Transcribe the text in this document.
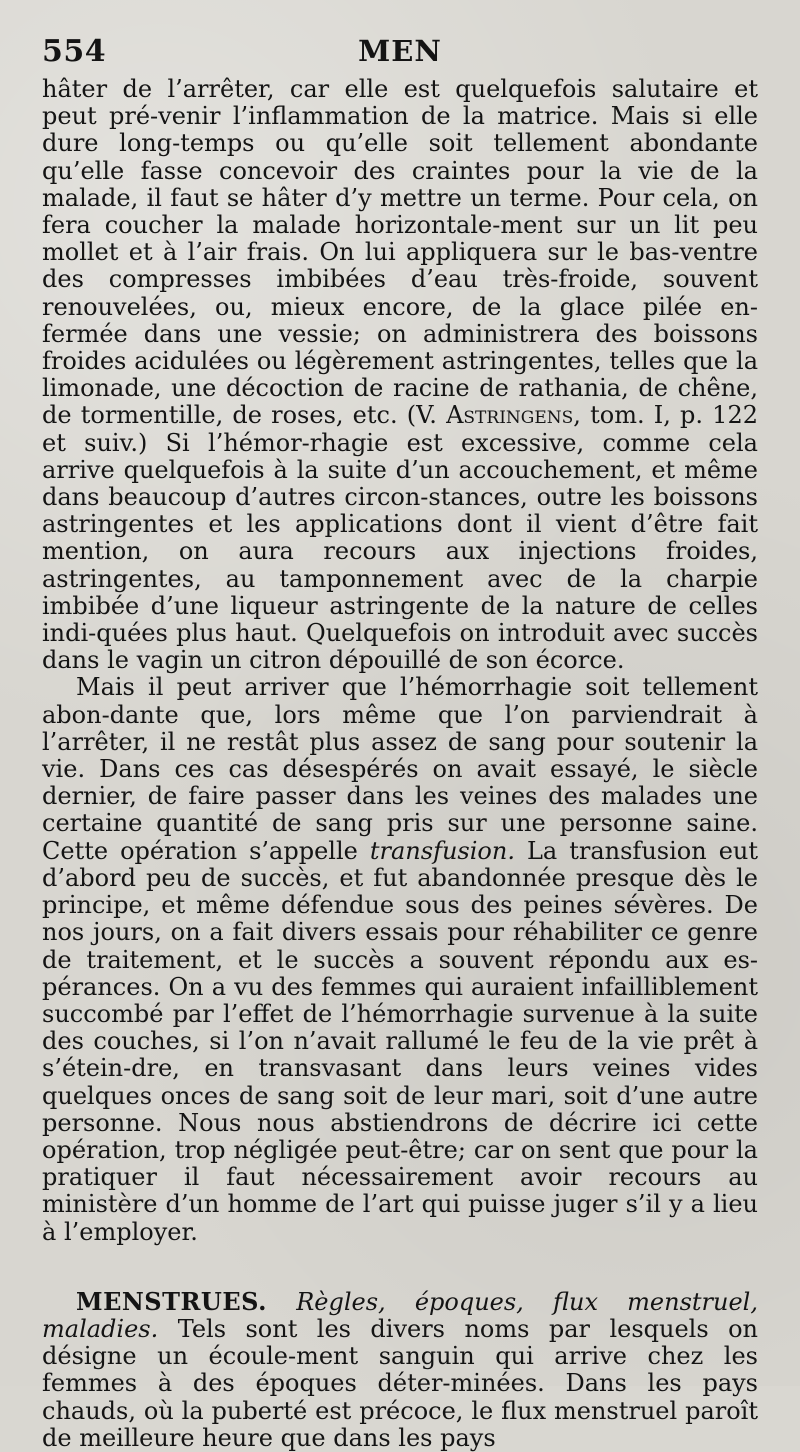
554	MEN

hâter de l’arrêter, car elle est quelquefois salutaire et peut pré-venir l’inflammation de la matrice. Mais si elle dure long-temps ou qu’elle soit tellement abondante qu’elle fasse concevoir des craintes pour la vie de la malade, il faut se hâter d’y mettre un terme. Pour cela, on fera coucher la malade horizontale-ment sur un lit peu mollet et à l’air frais. On lui appliquera sur le bas-ventre des compresses imbibées d’eau très-froide, souvent renouvelées, ou, mieux encore, de la glace pilée en-fermée dans une vessie; on administrera des boissons froides acidulées ou légèrement astringentes, telles que la limonade, une décoction de racine de rathania, de chêne, de tormentille, de roses, etc. (V. Astringens, tom. I, p. 122 et suiv.) Si l’hémor-rhagie est excessive, comme cela arrive quelquefois à la suite d’un accouchement, et même dans beaucoup d’autres circon-stances, outre les boissons astringentes et les applications dont il vient d’être fait mention, on aura recours aux injections froides, astringentes, au tamponnement avec de la charpie imbibée d’une liqueur astringente de la nature de celles indi-quées plus haut. Quelquefois on introduit avec succès dans le vagin un citron dépouillé de son écorce.

Mais il peut arriver que l’hémorrhagie soit tellement abon-dante que, lors même que l’on parviendrait à l’arrêter, il ne restât plus assez de sang pour soutenir la vie. Dans ces cas désespérés on avait essayé, le siècle dernier, de faire passer dans les veines des malades une certaine quantité de sang pris sur une personne saine. Cette opération s’appelle transfusion. La transfusion eut d’abord peu de succès, et fut abandonnée presque dès le principe, et même défendue sous des peines sévères. De nos jours, on a fait divers essais pour réhabiliter ce genre de traitement, et le succès a souvent répondu aux es-pérances. On a vu des femmes qui auraient infailliblement succombé par l’effet de l’hémorrhagie survenue à la suite des couches, si l’on n’avait rallumé le feu de la vie prêt à s’étein-dre, en transvasant dans leurs veines vides quelques onces de sang soit de leur mari, soit d’une autre personne. Nous nous abstiendrons de décrire ici cette opération, trop négligée peut-être; car on sent que pour la pratiquer il faut nécessairement avoir recours au ministère d’un homme de l’art qui puisse juger s’il y a lieu à l’employer.

MENSTRUES. Règles, époques, flux menstruel, maladies. Tels sont les divers noms par lesquels on désigne un écoule-ment sanguin qui arrive chez les femmes à des époques déter-minées. Dans les pays chauds, où la puberté est précoce, le flux menstruel paroît de meilleure heure que dans les pays
